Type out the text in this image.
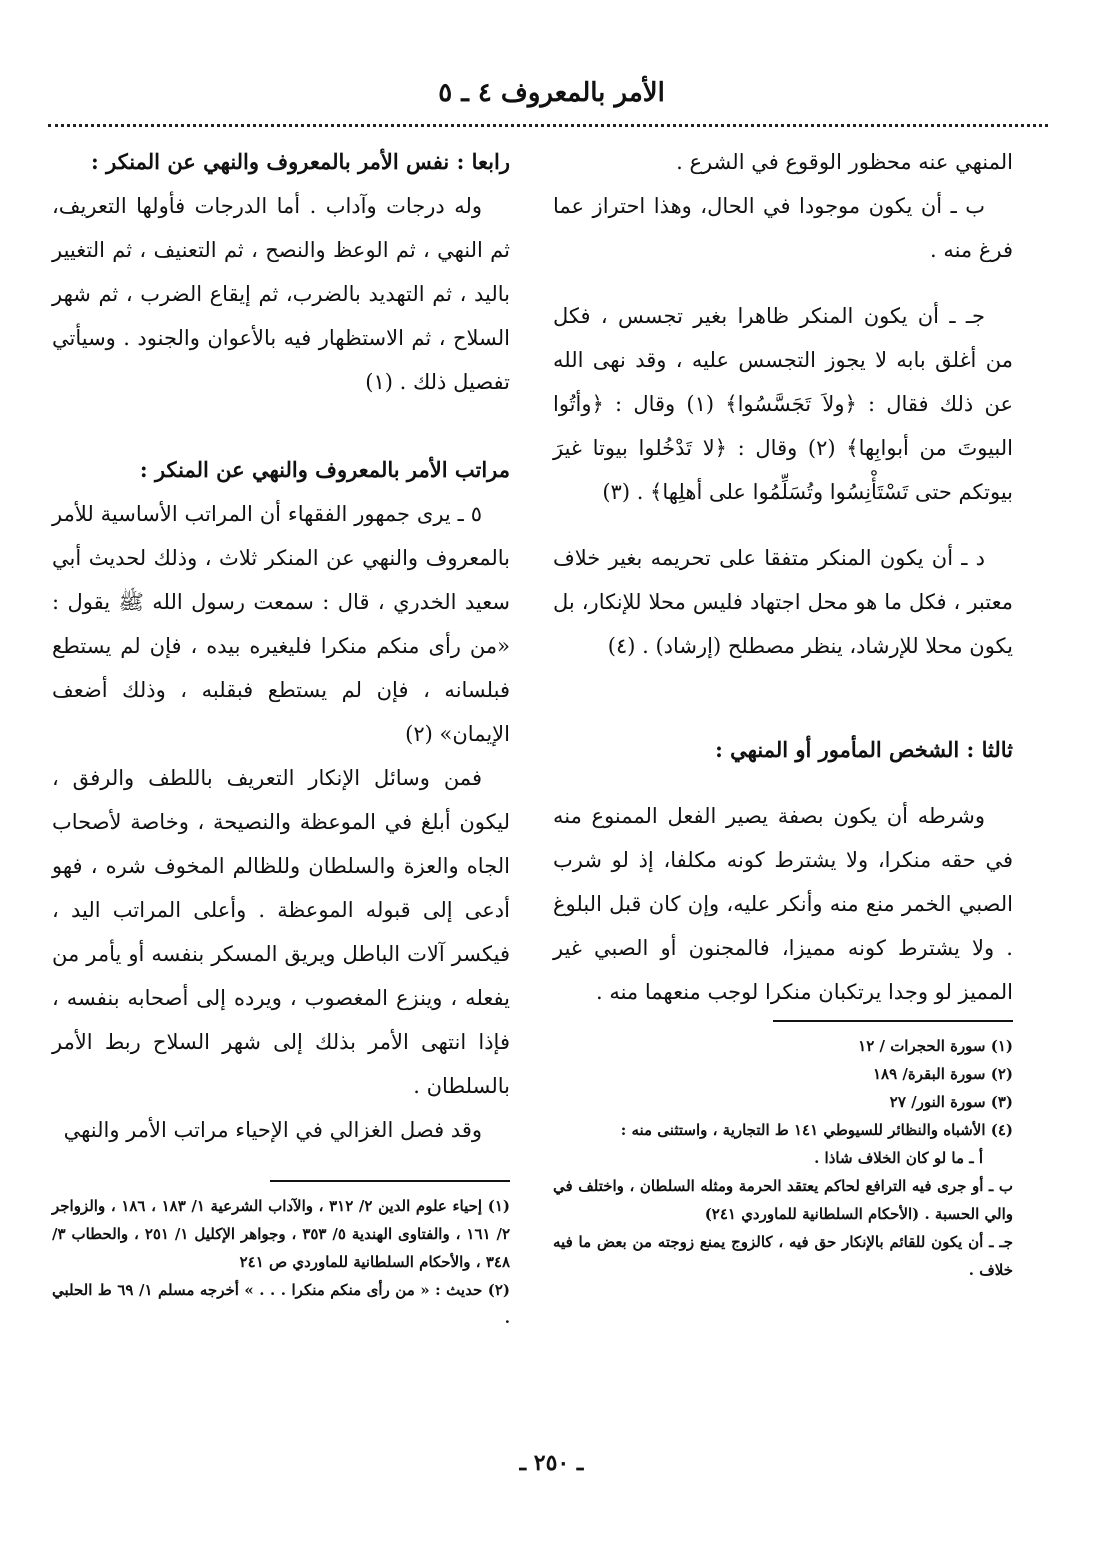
الأمر بالمعروف ٤ ـ ٥

المنهي عنه محظور الوقوع في الشرع .

ب ـ أن يكون موجودا في الحال، وهذا احتراز عما فرغ منه .

جـ ـ أن يكون المنكر ظاهرا بغير تجسس ، فكل من أغلق بابه لا يجوز التجسس عليه ، وقد نهى الله عن ذلك فقال : ﴿ولاَ تَجَسَّسُوا﴾ (١) وقال : ﴿وأتُوا البيوتَ من أبوابِها﴾ (٢) وقال : ﴿لا تَدْخُلوا بيوتا غيرَ بيوتكم حتى تَسْتَأْنِسُوا وتُسَلِّمُوا على أهلِها﴾ . (٣)

د ـ أن يكون المنكر متفقا على تحريمه بغير خلاف معتبر ، فكل ما هو محل اجتهاد فليس محلا للإنكار، بل يكون محلا للإرشاد، ينظر مصطلح (إرشاد) . (٤)

ثالثا : الشخص المأمور أو المنهي :

وشرطه أن يكون بصفة يصير الفعل الممنوع منه في حقه منكرا، ولا يشترط كونه مكلفا، إذ لو شرب الصبي الخمر منع منه وأنكر عليه، وإن كان قبل البلوغ . ولا يشترط كونه مميزا، فالمجنون أو الصبي غير المميز لو وجدا يرتكبان منكرا لوجب منعهما منه .

(١) سورة الحجرات / ١٢

(٢) سورة البقرة/ ١٨٩

(٣) سورة النور/ ٢٧

(٤) الأشباه والنظائر للسيوطي ١٤١ ط التجارية ، واستثنى منه :

أ ـ ما لو كان الخلاف شاذا .

ب ـ أو جرى فيه الترافع لحاكم يعتقد الحرمة ومثله السلطان ، واختلف في والي الحسبة . (الأحكام السلطانية للماوردي ٢٤١)

جـ ـ أن يكون للقائم بالإنكار حق فيه ، كالزوج يمنع زوجته من بعض ما فيه خلاف .

رابعا : نفس الأمر بالمعروف والنهي عن المنكر :

وله درجات وآداب . أما الدرجات فأولها التعريف، ثم النهي ، ثم الوعظ والنصح ، ثم التعنيف ، ثم التغيير باليد ، ثم التهديد بالضرب، ثم إيقاع الضرب ، ثم شهر السلاح ، ثم الاستظهار فيه بالأعوان والجنود . وسيأتي تفصيل ذلك . (١)

مراتب الأمر بالمعروف والنهي عن المنكر :

٥ ـ يرى جمهور الفقهاء أن المراتب الأساسية للأمر بالمعروف والنهي عن المنكر ثلاث ، وذلك لحديث أبي سعيد الخدري ، قال : سمعت رسول الله ﷺ يقول : «من رأى منكم منكرا فليغيره بيده ، فإن لم يستطع فبلسانه ، فإن لم يستطع فبقلبه ، وذلك أضعف الإيمان» (٢)

فمن وسائل الإنكار التعريف باللطف والرفق ، ليكون أبلغ في الموعظة والنصيحة ، وخاصة لأصحاب الجاه والعزة والسلطان وللظالم المخوف شره ، فهو أدعى إلى قبوله الموعظة . وأعلى المراتب اليد ، فيكسر آلات الباطل ويريق المسكر بنفسه أو يأمر من يفعله ، وينزع المغصوب ، ويرده إلى أصحابه بنفسه ، فإذا انتهى الأمر بذلك إلى شهر السلاح ربط الأمر بالسلطان .

وقد فصل الغزالي في الإحياء مراتب الأمر والنهي

(١) إحياء علوم الدين ٢/ ٣١٢ ، والآداب الشرعية ١/ ١٨٣ ، ١٨٦ ، والزواجر ٢/ ١٦١ ، والفتاوى الهندية ٥/ ٣٥٣ ، وجواهر الإكليل ١/ ٢٥١ ، والحطاب ٣/ ٣٤٨ ، والأحكام السلطانية للماوردي ص ٢٤١

(٢) حديث : « من رأى منكم منكرا . . . » أخرجه مسلم ١/ ٦٩ ط الحلبي .

ـ ٢٥٠ ـ
